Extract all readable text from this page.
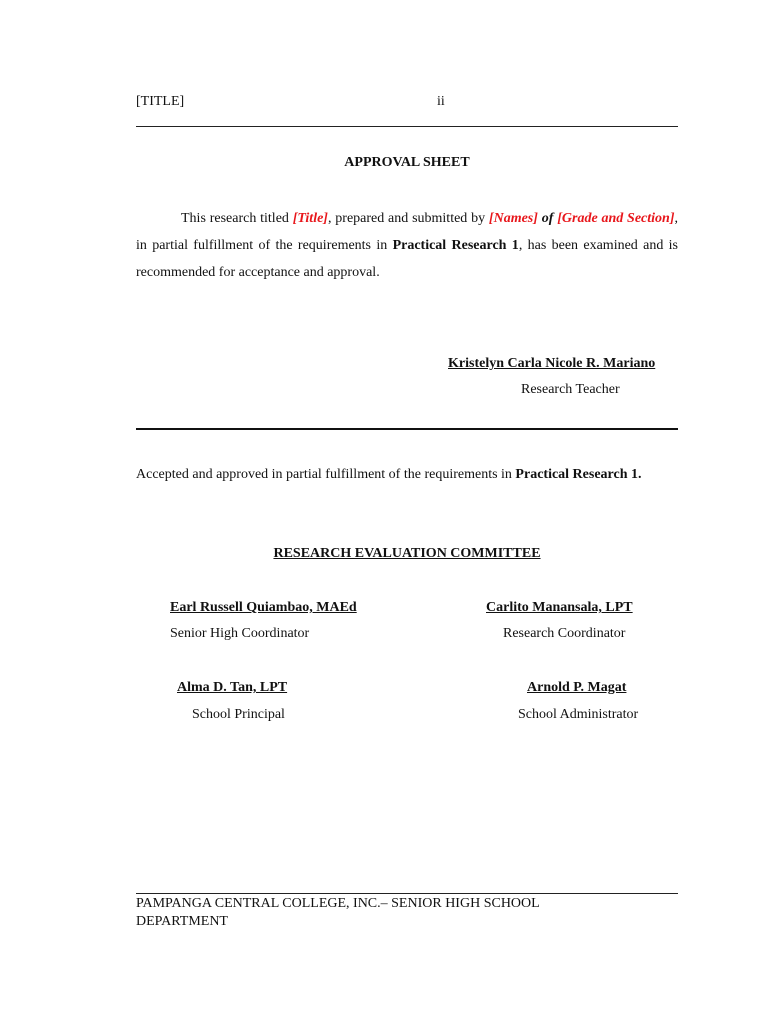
[TITLE]	ii
APPROVAL SHEET
This research titled [Title], prepared and submitted by [Names] of [Grade and Section], in partial fulfillment of the requirements in Practical Research 1, has been examined and is recommended for acceptance and approval.
Kristelyn Carla Nicole R. Mariano
Research Teacher
Accepted and approved in partial fulfillment of the requirements in Practical Research 1.
RESEARCH EVALUATION COMMITTEE
Earl Russell Quiambao, MAEd
Senior High Coordinator
Carlito Manansala, LPT
Research Coordinator
Alma D. Tan, LPT
School Principal
Arnold P. Magat
School Administrator
PAMPANGA CENTRAL COLLEGE, INC.– SENIOR HIGH SCHOOL DEPARTMENT
